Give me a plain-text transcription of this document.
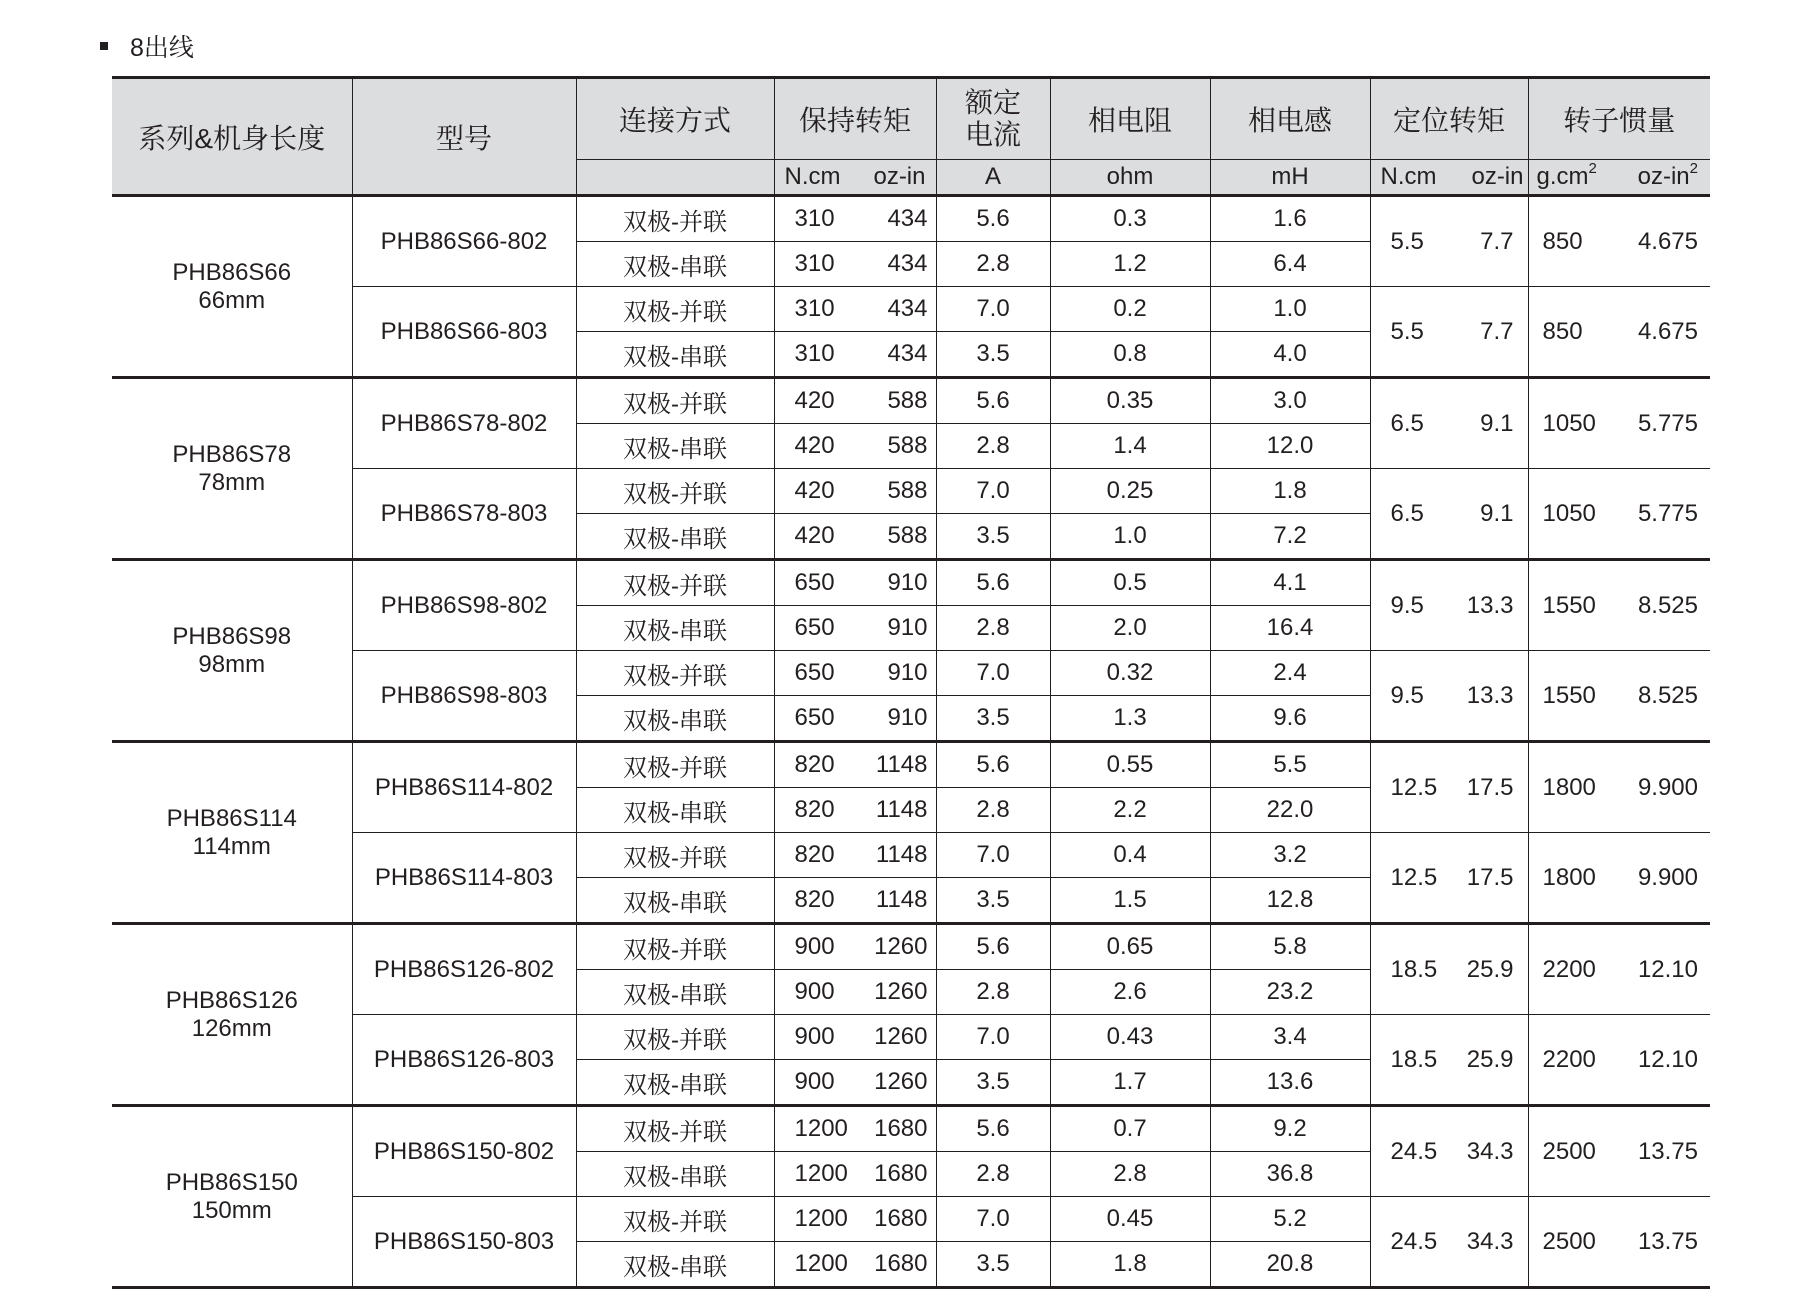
8出线
系列&机身长度	型号	连接方式	保持转矩	额定
电流	相电阻	相电感	定位转矩	转子惯量

			N.cm oz-in	A	ohm	mH	N.cm oz-in	$g.cm^2$ $oz-in^2$

PHB86S66
66mm	PHB86S66-802	双极-并联	310 434	5.6	0.3	1.6	5.5 7.7	850 4.675

		双极-串联	310 434	2.8	1.2	6.4		
	PHB86S66-803	双极-并联	310 434	7.0	0.2	1.0	5.5 7.7	850 4.675

		双极-串联	310 434	3.5	0.8	4.0		
PHB86S78
78mm	PHB86S78-802	双极-并联	420 588	5.6	0.35	3.0	6.5 9.1	1050 5.775

		双极-串联	420 588	2.8	1.4	12.0		
	PHB86S78-803	双极-并联	420 588	7.0	0.25	1.8	6.5 9.1	1050 5.775

		双极-串联	420 588	3.5	1.0	7.2		
PHB86S98
98mm	PHB86S98-802	双极-并联	650 910	5.6	0.5	4.1	9.5 13.3	1550 8.525

		双极-串联	650 910	2.8	2.0	16.4		
	PHB86S98-803	双极-并联	650 910	7.0	0.32	2.4	9.5 13.3	1550 8.525

		双极-串联	650 910	3.5	1.3	9.6		
PHB86S114
114mm	PHB86S114-802	双极-并联	820 1148	5.6	0.55	5.5	12.5 17.5	1800 9.900

		双极-串联	820 1148	2.8	2.2	22.0		
	PHB86S114-803	双极-并联	820 1148	7.0	0.4	3.2	12.5 17.5	1800 9.900

		双极-串联	820 1148	3.5	1.5	12.8		
PHB86S126
126mm	PHB86S126-802	双极-并联	900 1260	5.6	0.65	5.8	18.5 25.9	2200 12.10

		双极-串联	900 1260	2.8	2.6	23.2		
	PHB86S126-803	双极-并联	900 1260	7.0	0.43	3.4	18.5 25.9	2200 12.10

		双极-串联	900 1260	3.5	1.7	13.6		
PHB86S150
150mm	PHB86S150-802	双极-并联	1200 1680	5.6	0.7	9.2	24.5 34.3	2500 13.75

		双极-串联	1200 1680	2.8	2.8	36.8		
	PHB86S150-803	双极-并联	1200 1680	7.0	0.45	5.2	24.5 34.3	2500 13.75

		双极-串联	1200 1680	3.5	1.8	20.8		
